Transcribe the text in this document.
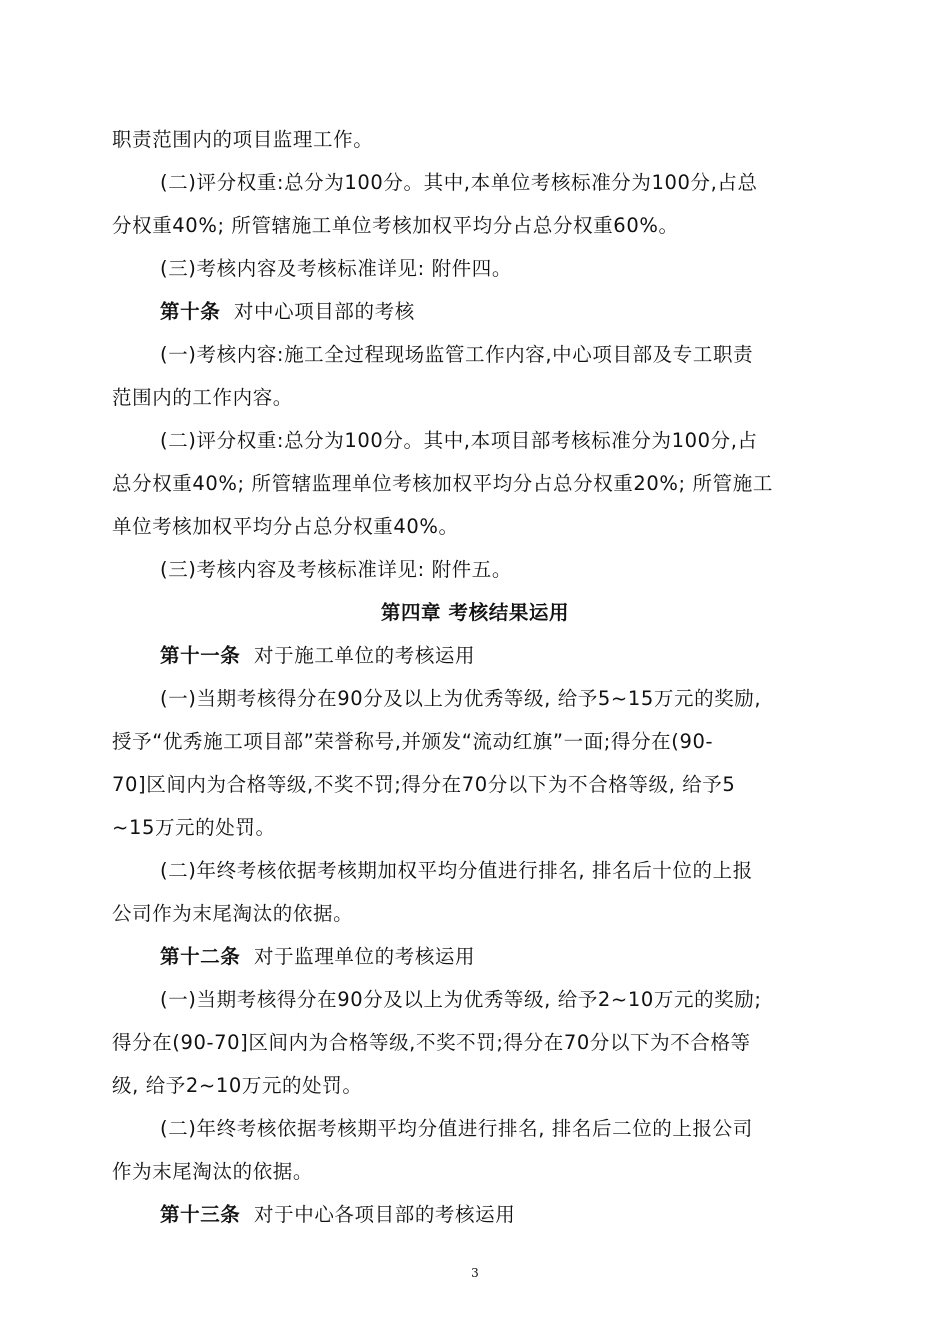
职责范围内的项目监理工作。
(二)评分权重:总分为100分。其中,本单位考核标准分为100分,占总
分权重40%; 所管辖施工单位考核加权平均分占总分权重60%。
(三)考核内容及考核标准详见: 附件四。
第十条 对中心项目部的考核
(一)考核内容:施工全过程现场监管工作内容,中心项目部及专工职责
范围内的工作内容。
(二)评分权重:总分为100分。其中,本项目部考核标准分为100分,占
总分权重40%; 所管辖监理单位考核加权平均分占总分权重20%; 所管施工
单位考核加权平均分占总分权重40%。
(三)考核内容及考核标准详见: 附件五。
第四章 考核结果运用
第十一条 对于施工单位的考核运用
(一)当期考核得分在90分及以上为优秀等级, 给予5~15万元的奖励,
授予“优秀施工项目部”荣誉称号,并颁发“流动红旗”一面;得分在(90-
70]区间内为合格等级,不奖不罚;得分在70分以下为不合格等级, 给予5
~15万元的处罚。
(二)年终考核依据考核期加权平均分值进行排名, 排名后十位的上报
公司作为末尾淘汰的依据。
第十二条 对于监理单位的考核运用
(一)当期考核得分在90分及以上为优秀等级, 给予2~10万元的奖励;
得分在(90-70]区间内为合格等级,不奖不罚;得分在70分以下为不合格等
级, 给予2~10万元的处罚。
(二)年终考核依据考核期平均分值进行排名, 排名后二位的上报公司
作为末尾淘汰的依据。
第十三条 对于中心各项目部的考核运用
3
